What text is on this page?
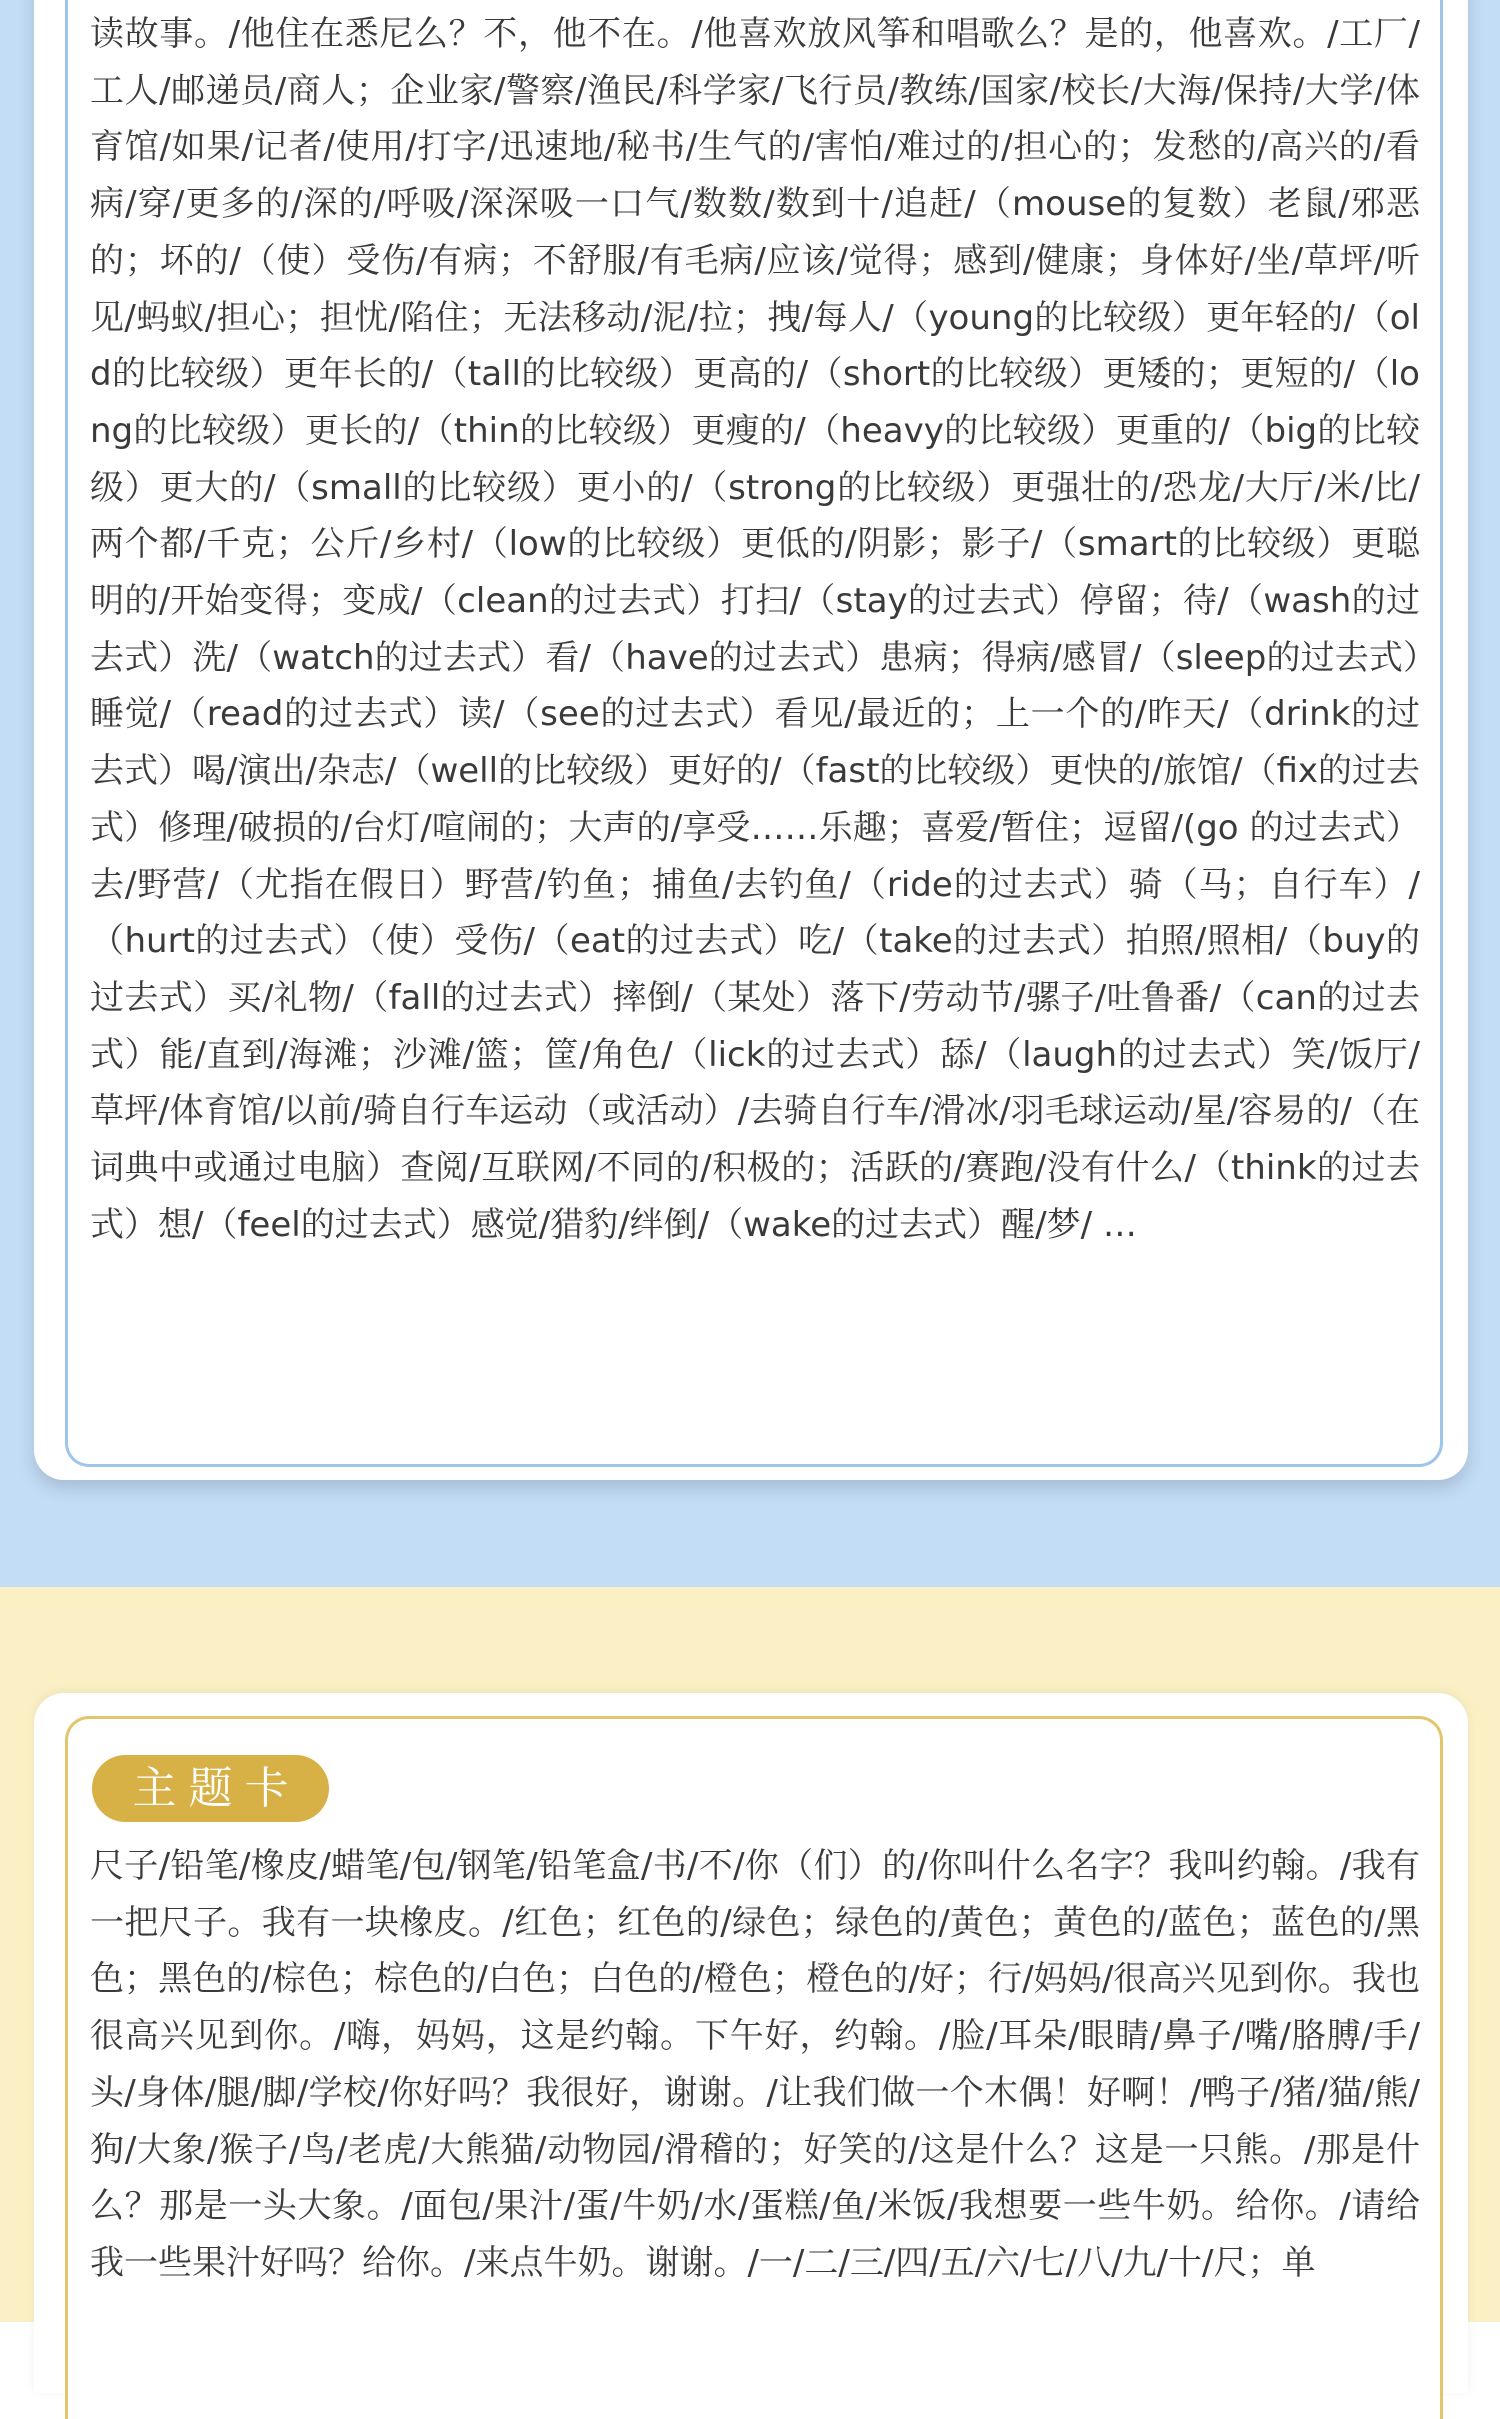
读故事。/他住在悉尼么？不，他不在。/他喜欢放风筝和唱歌么？是的，他喜欢。/工厂/工人/邮递员/商人；企业家/警察/渔民/科学家/飞行员/教练/国家/校长/大海/保持/大学/体育馆/如果/记者/使用/打字/迅速地/秘书/生气的/害怕/难过的/担心的；发愁的/高兴的/看病/穿/更多的/深的/呼吸/深深吸一口气/数数/数到十/追赶/（mouse的复数）老鼠/邪恶的；坏的/（使）受伤/有病；不舒服/有毛病/应该/觉得；感到/健康；身体好/坐/草坪/听见/蚂蚁/担心；担忧/陷住；无法移动/泥/拉；拽/每人/（young的比较级）更年轻的/（old的比较级）更年长的/（tall的比较级）更高的/（short的比较级）更矮的；更短的/（long的比较级）更长的/（thin的比较级）更瘦的/（heavy的比较级）更重的/（big的比较级）更大的/（small的比较级）更小的/（strong的比较级）更强壮的/恐龙/大厅/米/比/两个都/千克；公斤/乡村/（low的比较级）更低的/阴影；影子/（smart的比较级）更聪明的/开始变得；变成/（clean的过去式）打扫/（stay的过去式）停留；待/（wash的过去式）洗/（watch的过去式）看/（have的过去式）患病；得病/感冒/（sleep的过去式）睡觉/（read的过去式）读/（see的过去式）看见/最近的；上一个的/昨天/（drink的过去式）喝/演出/杂志/（well的比较级）更好的/（fast的比较级）更快的/旅馆/（fix的过去式）修理/破损的/台灯/喧闹的；大声的/享受……乐趣；喜爱/暂住；逗留/(go 的过去式）去/野营/（尤指在假日）野营/钓鱼；捕鱼/去钓鱼/（ride的过去式）骑（马；自行车）/（hurt的过去式）（使）受伤/（eat的过去式）吃/（take的过去式）拍照/照相/（buy的过去式）买/礼物/（fall的过去式）摔倒/（某处）落下/劳动节/骡子/吐鲁番/（can的过去式）能/直到/海滩；沙滩/篮；筐/角色/（lick的过去式）舔/（laugh的过去式）笑/饭厅/草坪/体育馆/以前/骑自行车运动（或活动）/去骑自行车/滑冰/羽毛球运动/星/容易的/（在词典中或通过电脑）查阅/互联网/不同的/积极的；活跃的/赛跑/没有什么/（think的过去式）想/（feel的过去式）感觉/猎豹/绊倒/（wake的过去式）醒/梦/ …

主题卡

尺子/铅笔/橡皮/蜡笔/包/钢笔/铅笔盒/书/不/你（们）的/你叫什么名字？我叫约翰。/我有一把尺子。我有一块橡皮。/红色；红色的/绿色；绿色的/黄色；黄色的/蓝色；蓝色的/黑色；黑色的/棕色；棕色的/白色；白色的/橙色；橙色的/好；行/妈妈/很高兴见到你。我也很高兴见到你。/嗨，妈妈，这是约翰。下午好，约翰。/脸/耳朵/眼睛/鼻子/嘴/胳膊/手/头/身体/腿/脚/学校/你好吗？我很好，谢谢。/让我们做一个木偶！好啊！/鸭子/猪/猫/熊/狗/大象/猴子/鸟/老虎/大熊猫/动物园/滑稽的；好笑的/这是什么？这是一只熊。/那是什么？那是一头大象。/面包/果汁/蛋/牛奶/水/蛋糕/鱼/米饭/我想要一些牛奶。给你。/请给我一些果汁好吗？给你。/来点牛奶。谢谢。/一/二/三/四/五/六/七/八/九/十/尺；单
